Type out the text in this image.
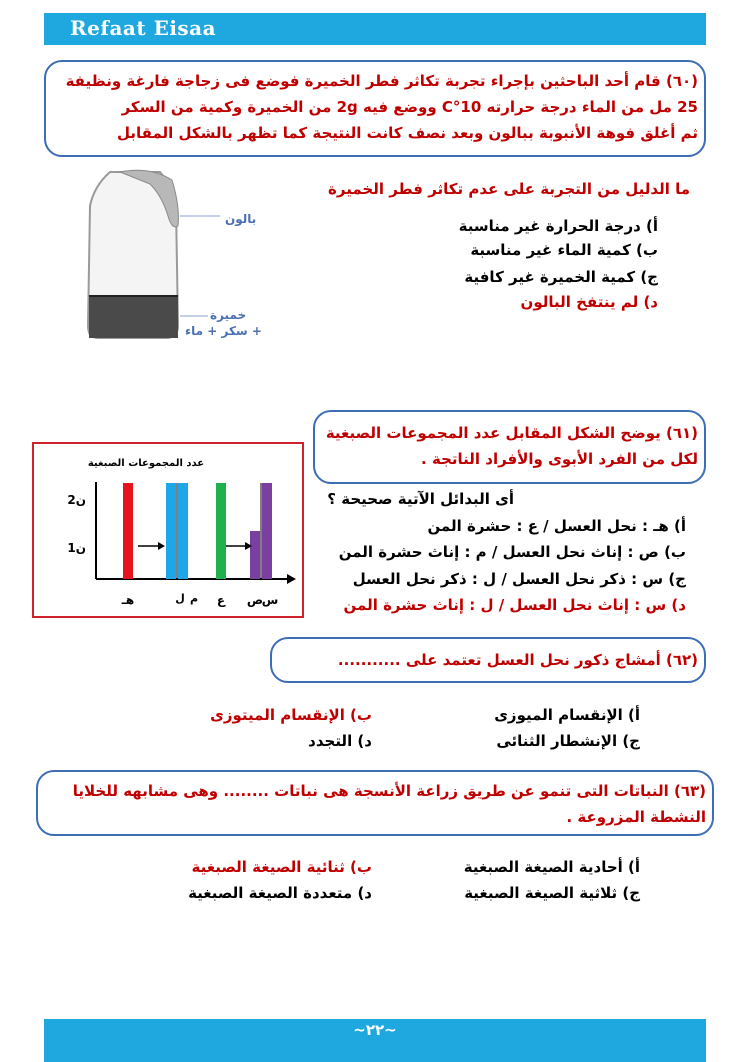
Refaat Eisaa
(٦٠) قام أحد الباحثين بإجراء تجربة تكاثر فطر الخميرة فوضع فى زجاجة فارغة ونظيفة
25 مل من الماء درجة حرارته 10°C ووضع فيه 2g من الخميرة وكمية من السكر
ثم أغلق فوهة الأنبوبة ببالون وبعد نصف كانت النتيجة كما تظهر بالشكل المقابل
بالون
خميرة
+ سكر + ماء
ما الدليل من التجربة على عدم تكاثر فطر الخميرة
أ) درجة الحرارة غير مناسبة
ب) كمية الماء غير مناسبة
ج) كمية الخميرة غير كافية
د) لم ينتفخ البالون
(٦١) يوضح الشكل المقابل عدد المجموعات الصبغية
لكل من الفرد الأبوى والأفراد الناتجة .
عدد المجموعات الصبغية
2ن
1ن
هـ	ل م ع ص
س
أى البدائل الآتية صحيحة ؟
أ) هـ : نحل العسل / ع : حشرة المن
ب) ص : إناث نحل العسل / م : إناث حشرة المن
ج) س : ذكر نحل العسل / ل : ذكر نحل العسل
د) س : إناث نحل العسل / ل : إناث حشرة المن
(٦٢) أمشاج ذكور نحل العسل تعتمد على ...........
أ) الإنقسام الميوزى
ب) الإنقسام الميتوزى
ج) الإنشطار الثنائى
د) التجدد
(٦٣) النباتات التى تنمو عن طريق زراعة الأنسجة هى نباتات ........ وهى مشابهه للخلايا
النشطة المزروعة .
أ) أحادية الصيغة الصبغية
ب) ثنائية الصيغة الصبغية
ج) ثلاثية الصيغة الصبغية
د) متعددة الصيغة الصبغية
~٢٢~
